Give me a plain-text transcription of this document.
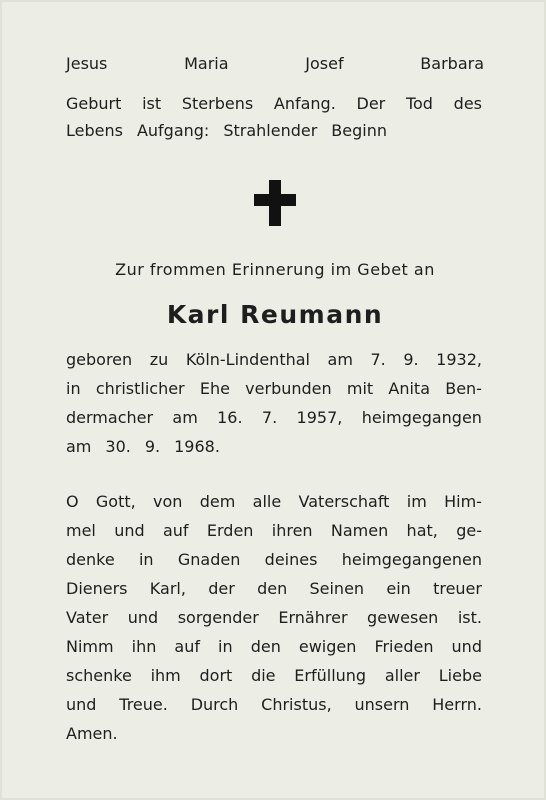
Jesus	Maria	Josef	Barbara
Geburt ist Sterbens Anfang. Der Tod des
Lebens Aufgang: Strahlender Beginn
Zur frommen Erinnerung im Gebet an
Karl Reumann
geboren zu Köln-Lindenthal am 7. 9. 1932,
in christlicher Ehe verbunden mit Anita Ben-
dermacher am 16. 7. 1957, heimgegangen
am 30. 9. 1968.
O Gott, von dem alle Vaterschaft im Him-
mel und auf Erden ihren Namen hat, ge-
denke in Gnaden deines heimgegangenen
Dieners Karl, der den Seinen ein treuer
Vater und sorgender Ernährer gewesen ist.
Nimm ihn auf in den ewigen Frieden und
schenke ihm dort die Erfüllung aller Liebe
und Treue. Durch Christus, unsern Herrn.
Amen.
